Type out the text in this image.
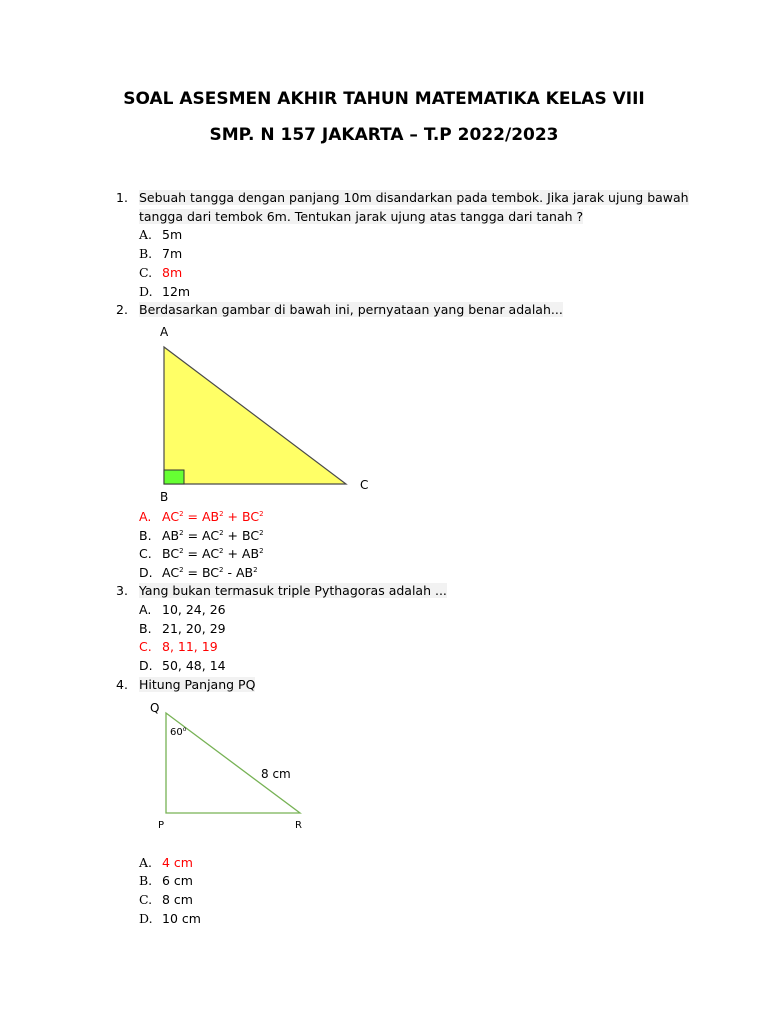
SOAL ASESMEN AKHIR TAHUN MATEMATIKA KELAS VIII
SMP. N 157 JAKARTA – T.P 2022/2023
1. Sebuah tangga dengan panjang 10m disandarkan pada tembok. Jika jarak ujung bawah
tangga dari tembok 6m. Tentukan jarak ujung atas tangga dari tanah ?
A. 5m
B. 7m
C. 8m
D. 12m
2. Berdasarkan gambar di bawah ini, pernyataan yang benar adalah...
A
B
C
A. $AC^2 = AB^2 + BC^2$
B. $AB^2 = AC^2 + BC^2$
C. $BC^2 = AC^2 + AB^2$
D. $AC^2 = BC^2 - AB^2$
3. Yang bukan termasuk triple Pythagoras adalah ...
A. 10, 24, 26
B. 21, 20, 29
C. 8, 11, 19
D. 50, 48, 14
4. Hitung Panjang PQ
Q
P	R
60$^o$
8 cm
A. 4 cm
B. 6 cm
C. 8 cm
D. 10 cm
